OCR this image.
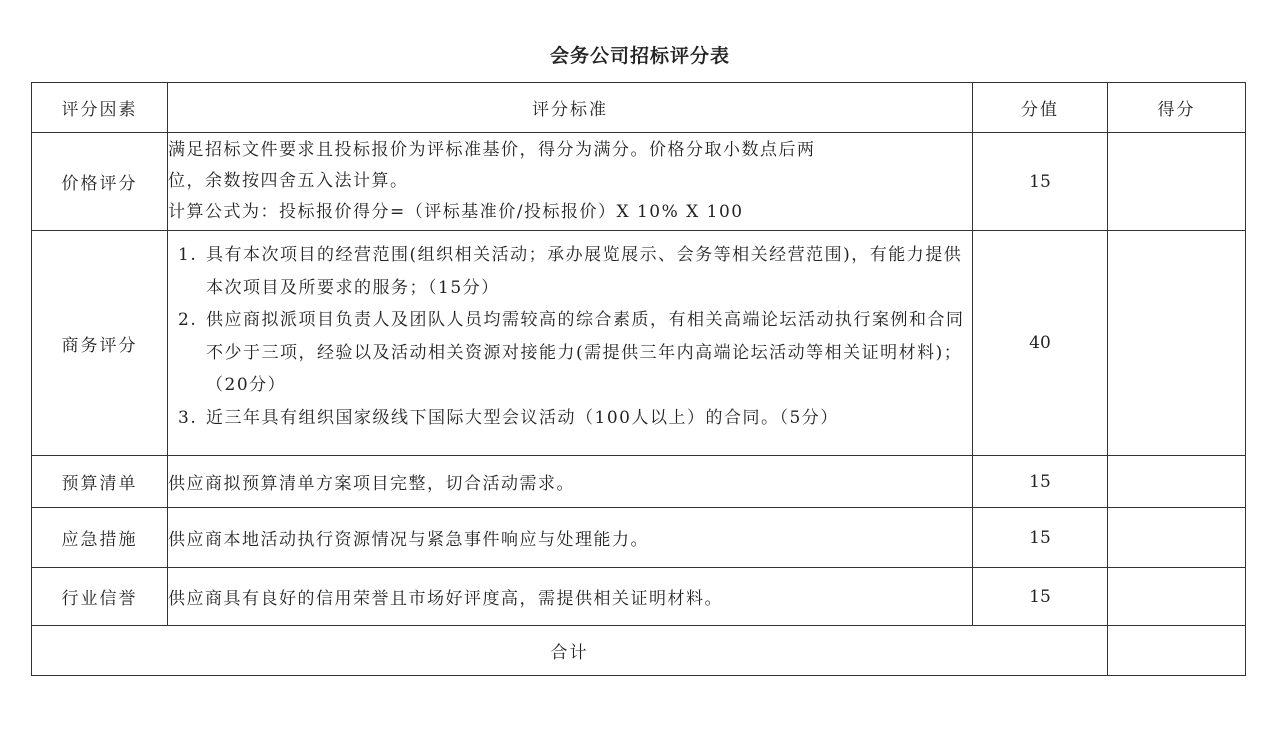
会务公司招标评分表
评分因素	评分标准	分值	得分
价格评分	满足招标文件要求且投标报价为评标准基价，得分为满分。价格分取小数点后两
位，余数按四舍五入法计算。
计算公式为：投标报价得分=（评标基准价/投标报价）X 10% X 100	15	
商务评分	1. 具有本次项目的经营范围(组织相关活动；承办展览展示、会务等相关经营范围)，有能力提供本次项目及所要求的服务；（15分）
2. 供应商拟派项目负责人及团队人员均需较高的综合素质，有相关高端论坛活动执行案例和合同不少于三项，经验以及活动相关资源对接能力(需提供三年内高端论坛活动等相关证明材料)；（20分）
3. 近三年具有组织国家级线下国际大型会议活动（100人以上）的合同。（5分）	40	
预算清单	供应商拟预算清单方案项目完整，切合活动需求。	15	
应急措施	供应商本地活动执行资源情况与紧急事件响应与处理能力。	15	
行业信誉	供应商具有良好的信用荣誉且市场好评度高，需提供相关证明材料。	15	
合计			
